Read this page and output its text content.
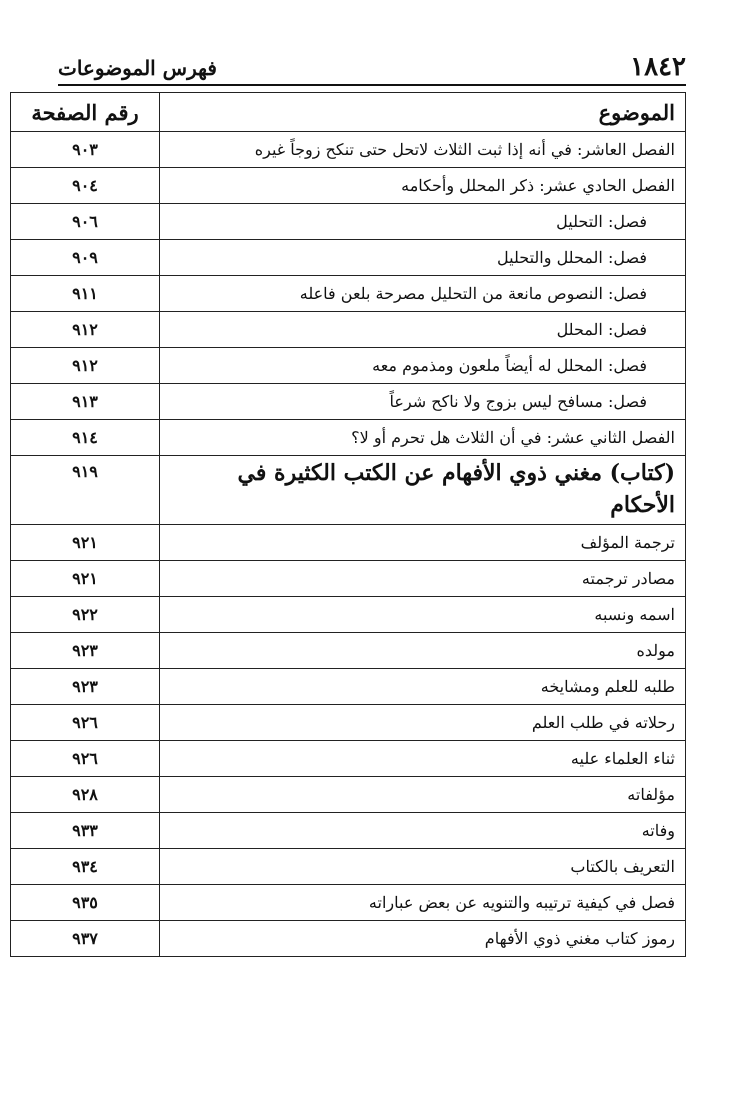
١٨٤٢
فهرس الموضوعات
الموضوع	رقم الصفحة
الفصل العاشر: في أنه إذا ثبت الثلاث لاتحل حتى تنكح زوجاً غيره	٩٠٣
الفصل الحادي عشر: ذكر المحلل وأحكامه	٩٠٤
فصل: التحليل	٩٠٦
فصل: المحلل والتحليل	٩٠٩
فصل: النصوص مانعة من التحليل مصرحة بلعن فاعله	٩١١
فصل: المحلل	٩١٢
فصل: المحلل له أيضاً ملعون ومذموم معه	٩١٢
فصل: مسافح ليس بزوج ولا ناكح شرعاً	٩١٣
الفصل الثاني عشر: في أن الثلاث هل تحرم أو لا؟	٩١٤
(كتاب) مغني ذوي الأفهام عن الكتب الكثيرة في الأحكام	٩١٩
ترجمة المؤلف	٩٢١
مصادر ترجمته	٩٢١
اسمه ونسبه	٩٢٢
مولده	٩٢٣
طلبه للعلم ومشايخه	٩٢٣
رحلاته في طلب العلم	٩٢٦
ثناء العلماء عليه	٩٢٦
مؤلفاته	٩٢٨
وفاته	٩٣٣
التعريف بالكتاب	٩٣٤
فصل في كيفية ترتيبه والتنويه عن بعض عباراته	٩٣٥
رموز كتاب مغني ذوي الأفهام	٩٣٧
